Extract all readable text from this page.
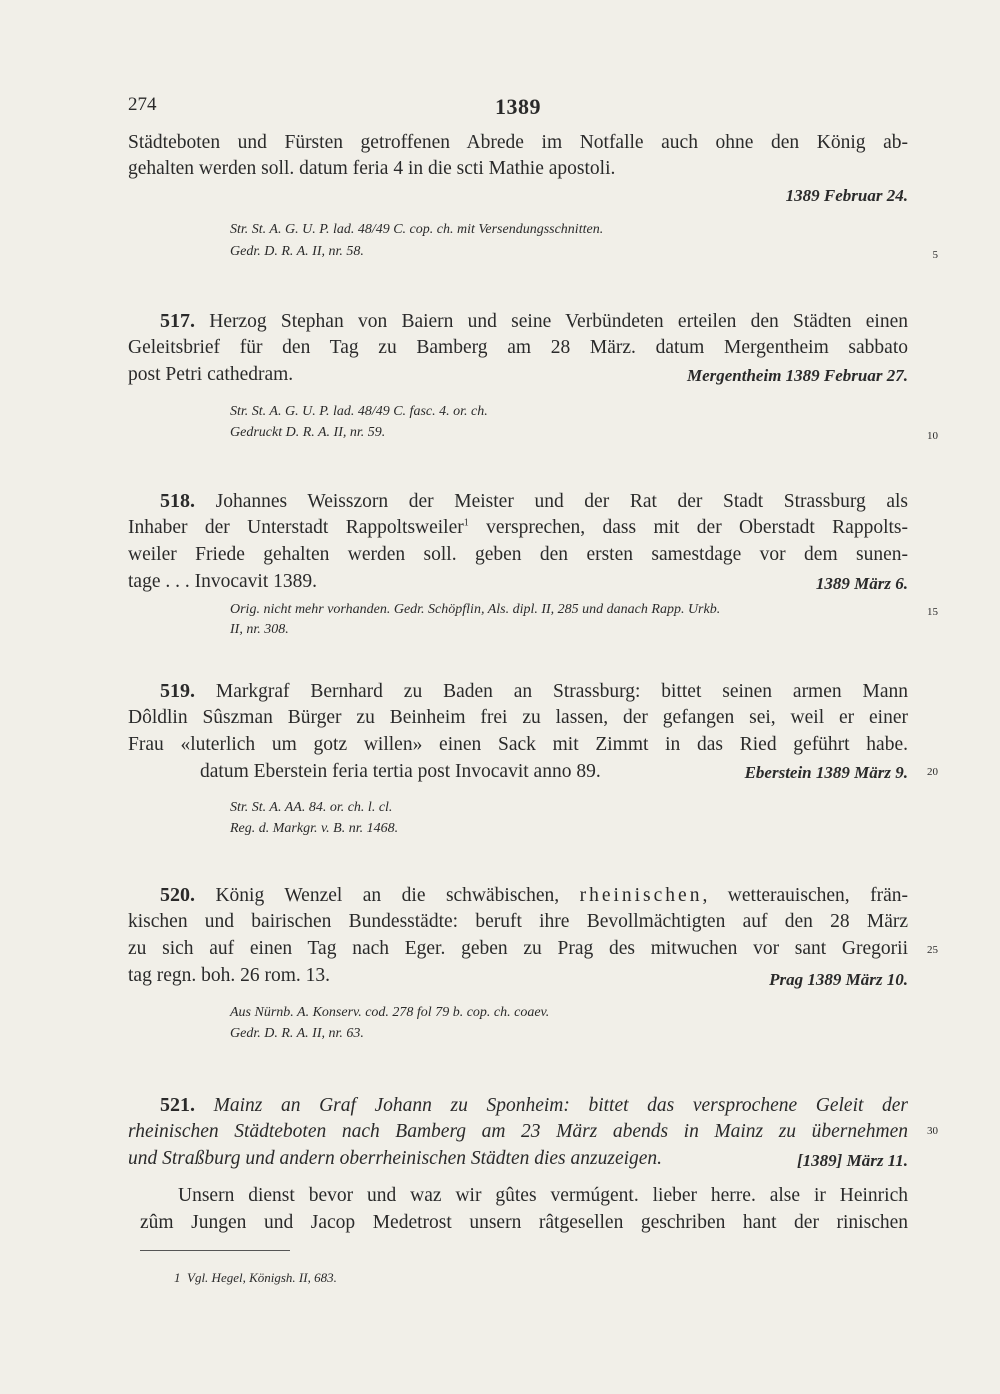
274	1389
Städteboten und Fürsten getroffenen Abrede im Notfalle auch ohne den König ab-
gehalten werden soll. datum feria 4 in die scti Mathie apostoli.
1389 Februar 24.
Str. St. A. G. U. P. lad. 48/49 C. cop. ch. mit Versendungsschnitten.
Gedr. D. R. A. II, nr. 58.	5
517. Herzog Stephan von Baiern und seine Verbündeten erteilen den Städten einen
Geleitsbrief für den Tag zu Bamberg am 28 März. datum Mergentheim sabbato
post Petri cathedram.	Mergentheim 1389 Februar 27.
Str. St. A. G. U. P. lad. 48/49 C. fasc. 4. or. ch.
Gedruckt D. R. A. II, nr. 59.	10
518. Johannes Weisszorn der Meister und der Rat der Stadt Strassburg als
Inhaber der Unterstadt Rappoltsweiler$^1$ versprechen, dass mit der Oberstadt Rappolts-
weiler Friede gehalten werden soll. geben den ersten samestdage vor dem sunen-
tage . . . Invocavit 1389.	1389 März 6.
Orig. nicht mehr vorhanden. Gedr. Schöpflin, Als. dipl. II, 285 und danach Rapp. Urkb.
II, nr. 308.
15
519. Markgraf Bernhard zu Baden an Strassburg: bittet seinen armen Mann
Dôldlin Sûszman Bürger zu Beinheim frei zu lassen, der gefangen sei, weil er einer
Frau «luterlich um gotz willen» einen Sack mit Zimmt in das Ried geführt habe.
datum Eberstein feria tertia post Invocavit anno 89.	Eberstein 1389 März 9. 20
Str. St. A. AA. 84. or. ch. l. cl.
Reg. d. Markgr. v. B. nr. 1468.
520. König Wenzel an die schwäbischen, rheinischen, wetterauischen, frän-
kischen und bairischen Bundesstädte: beruft ihre Bevollmächtigten auf den 28 März
zu sich auf einen Tag nach Eger. geben zu Prag des mitwuchen vor sant Gregorii 25
tag regn. boh. 26 rom. 13.	Prag 1389 März 10.
Aus Nürnb. A. Konserv. cod. 278 fol 79 b. cop. ch. coaev.
Gedr. D. R. A. II, nr. 63.
521. Mainz an Graf Johann zu Sponheim: bittet das versprochene Geleit der
rheinischen Städteboten nach Bamberg am 23 März abends in Mainz zu übernehmen 30
und Straßburg und andern oberrheinischen Städten dies anzuzeigen.	[1389] März 11.
Unsern dienst bevor und waz wir gûtes vermúgent. lieber herre. alse ir Heinrich
zûm Jungen und Jacop Medetrost unsern râtgesellen geschriben hant der rinischen
1 Vgl. Hegel, Königsh. II, 683.
